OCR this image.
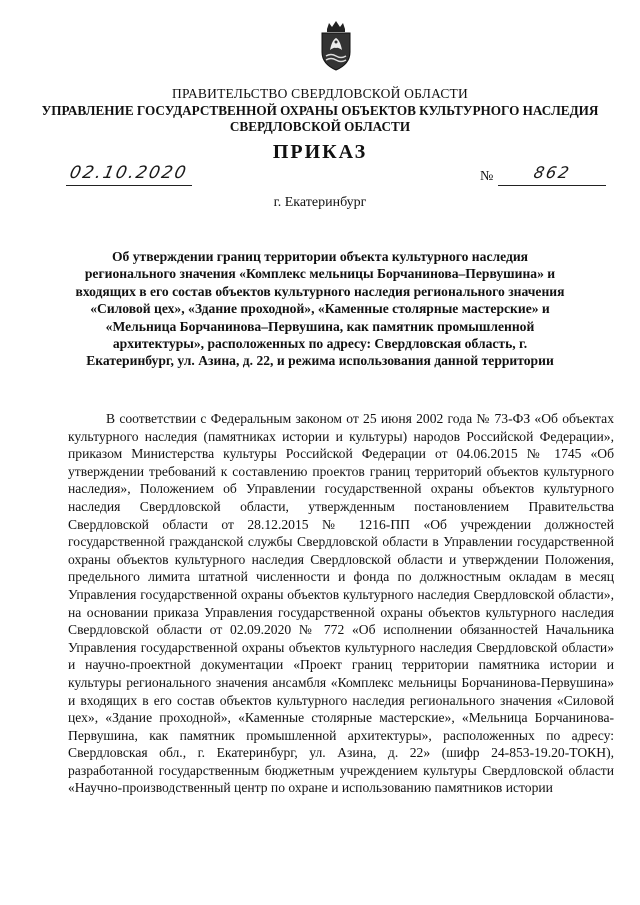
ПРАВИТЕЛЬСТВО СВЕРДЛОВСКОЙ ОБЛАСТИ

УПРАВЛЕНИЕ ГОСУДАРСТВЕННОЙ ОХРАНЫ ОБЪЕКТОВ КУЛЬТУРНОГО НАСЛЕДИЯ

СВЕРДЛОВСКОЙ ОБЛАСТИ

ПРИКАЗ

02.10.2020	№ 862

г. Екатеринбург

Об утверждении границ территории объекта культурного наследия регионального значения «Комплекс мельницы Борчанинова–Первушина» и входящих в его состав объектов культурного наследия регионального значения «Силовой цех», «Здание проходной», «Каменные столярные мастерские» и «Мельница Борчанинова–Первушина, как памятник промышленной архитектуры», расположенных по адресу: Свердловская область, г. Екатеринбург, ул. Азина, д. 22, и режима использования данной территории

В соответствии с Федеральным законом от 25 июня 2002 года № 73-ФЗ «Об объектах культурного наследия (памятниках истории и культуры) народов Российской Федерации», приказом Министерства культуры Российской Федерации от 04.06.2015 № 1745 «Об утверждении требований к составлению проектов границ территорий объектов культурного наследия», Положением об Управлении государственной охраны объектов культурного наследия Свердловской области, утвержденным постановлением Правительства Свердловской области от 28.12.2015 № 1216-ПП «Об учреждении должностей государственной гражданской службы Свердловской области в Управлении государственной охраны объектов культурного наследия Свердловской области и утверждении Положения, предельного лимита штатной численности и фонда по должностным окладам в месяц Управления государственной охраны объектов культурного наследия Свердловской области», на основании приказа Управления государственной охраны объектов культурного наследия Свердловской области от 02.09.2020 № 772 «Об исполнении обязанностей Начальника Управления государственной охраны объектов культурного наследия Свердловской области» и научно-проектной документации «Проект границ территории памятника истории и культуры регионального значения ансамбля «Комплекс мельницы Борчанинова-Первушина» и входящих в его состав объектов культурного наследия регионального значения «Силовой цех», «Здание проходной», «Каменные столярные мастерские», «Мельница Борчанинова-Первушина, как памятник промышленной архитектуры», расположенных по адресу: Свердловская обл., г. Екатеринбург, ул. Азина, д. 22» (шифр 24-853-19.20-ТОКН), разработанной государственным бюджетным учреждением культуры Свердловской области «Научно-производственный центр по охране и использованию памятников истории
